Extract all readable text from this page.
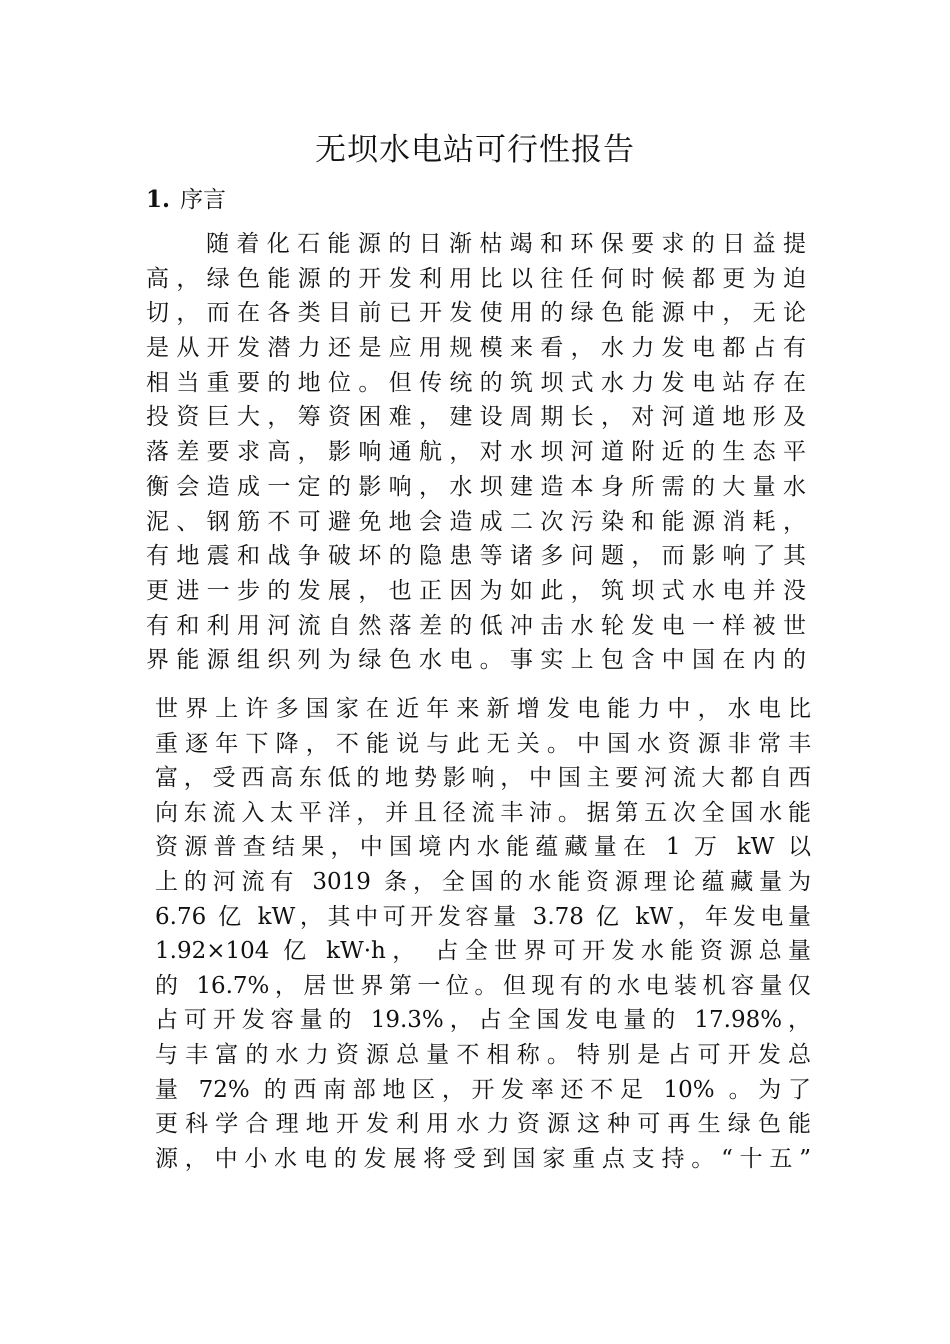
无坝水电站可行性报告
1. 序言
随着化石能源的日渐枯竭和环保要求的日益提
高，绿色能源的开发利用比以往任何时候都更为迫
切，而在各类目前已开发使用的绿色能源中，无论
是从开发潜力还是应用规模来看，水力发电都占有
相当重要的地位。但传统的筑坝式水力发电站存在
投资巨大，筹资困难，建设周期长，对河道地形及
落差要求高，影响通航，对水坝河道附近的生态平
衡会造成一定的影响，水坝建造本身所需的大量水
泥、钢筋不可避免地会造成二次污染和能源消耗，
有地震和战争破坏的隐患等诸多问题，而影响了其
更进一步的发展，也正因为如此，筑坝式水电并没
有和利用河流自然落差的低冲击水轮发电一样被世
界能源组织列为绿色水电。事实上包含中国在内的
世界上许多国家在近年来新增发电能力中，水电比
重逐年下降，不能说与此无关。中国水资源非常丰
富，受西高东低的地势影响，中国主要河流大都自西
向东流入太平洋，并且径流丰沛。据第五次全国水能
资源普查结果，中国境内水能蕴藏量在 1 万 kW 以
上的河流有 3019 条，全国的水能资源理论蕴藏量为
6.76 亿 kW，其中可开发容量 3.78 亿 kW，年发电量
1.92×104 亿 kW·h， 占全世界可开发水能资源总量
的 16.7%，居世界第一位。但现有的水电装机容量仅
占可开发容量的 19.3%，占全国发电量的 17.98%，
与丰富的水力资源总量不相称。特别是占可开发总
量 72% 的西南部地区，开发率还不足 10% 。为了
更科学合理地开发利用水力资源这种可再生绿色能
源，中小水电的发展将受到国家重点支持。“十五”
